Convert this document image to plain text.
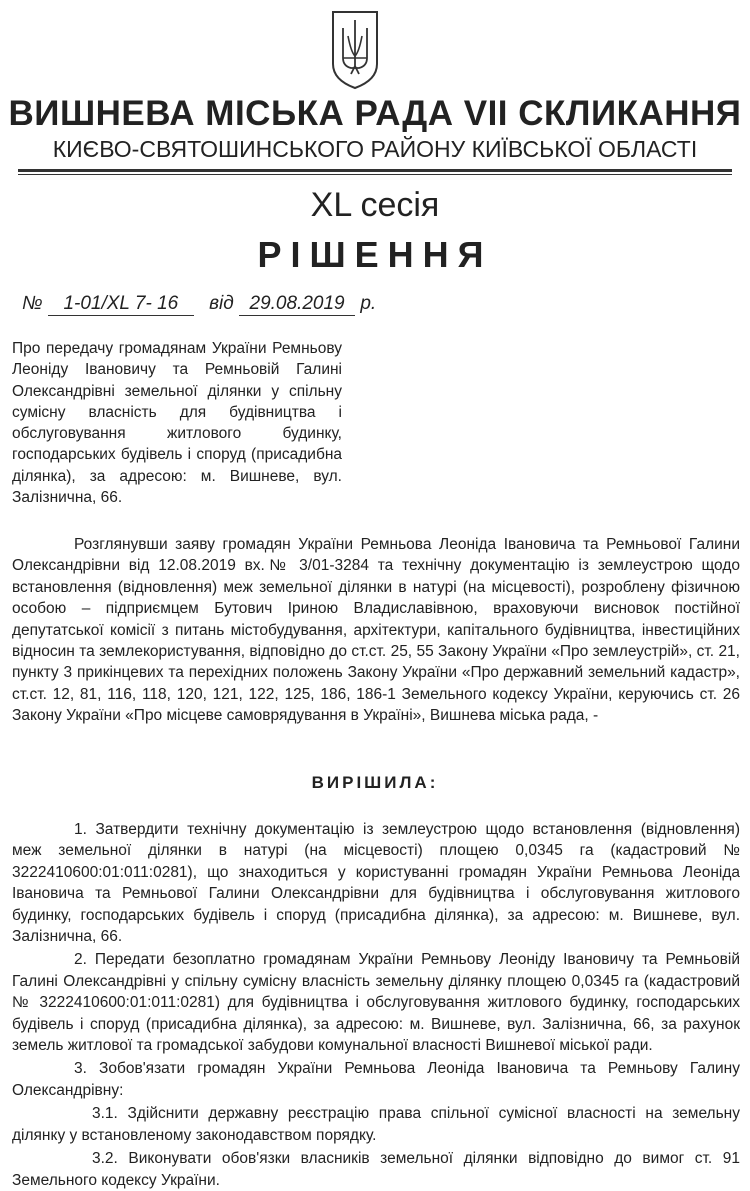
ВИШНЕВА МІСЬКА РАДА VII СКЛИКАННЯ
КИЄВО-СВЯТОШИНСЬКОГО РАЙОНУ КИЇВСЬКОЇ ОБЛАСТІ
XL сесія
РІШЕННЯ
№ 1-01/XL 7- 16 від 29.08.2019 р.
Про передачу громадянам України Ремньову Леоніду Івановичу та Ремньовій Галині Олександрівні земельної ділянки у спільну сумісну власність для будівництва і обслуговування житлового будинку, господарських будівель і споруд (присадибна ділянка), за адресою: м. Вишневе, вул. Залізнична, 66.

Розглянувши заяву громадян України Ремньова Леоніда Івановича та Ремньової Галини Олександрівни від 12.08.2019 вх.№ 3/01-3284 та технічну документацію із землеустрою щодо встановлення (відновлення) меж земельної ділянки в натурі (на місцевості), розроблену фізичною особою – підприємцем Бутович Іриною Владиславівною, враховуючи висновок постійної депутатської комісії з питань містобудування, архітектури, капітального будівництва, інвестиційних відносин та землекористування, відповідно до ст.ст. 25, 55 Закону України «Про землеустрій», ст. 21, пункту 3 прикінцевих та перехідних положень Закону України «Про державний земельний кадастр», ст.ст. 12, 81, 116, 118, 120, 121, 122, 125, 186, 186-1 Земельного кодексу України, керуючись ст. 26 Закону України «Про місцеве самоврядування в Україні», Вишнева міська рада, -

ВИРІШИЛА:

1. Затвердити технічну документацію із землеустрою щодо встановлення (відновлення) меж земельної ділянки в натурі (на місцевості) площею 0,0345 га (кадастровий № 3222410600:01:011:0281), що знаходиться у користуванні громадян України Ремньова Леоніда Івановича та Ремньової Галини Олександрівни для будівництва і обслуговування житлового будинку, господарських будівель і споруд (присадибна ділянка), за адресою: м. Вишневе, вул. Залізнична, 66.

2. Передати безоплатно громадянам України Ремньову Леоніду Івановичу та Ремньовій Галині Олександрівні у спільну сумісну власність земельну ділянку площею 0,0345 га (кадастровий № 3222410600:01:011:0281) для будівництва і обслуговування житлового будинку, господарських будівель і споруд (присадибна ділянка), за адресою: м. Вишневе, вул. Залізнична, 66, за рахунок земель житлової та громадської забудови комунальної власності Вишневої міської ради.

3. Зобов'язати громадян України Ремньова Леоніда Івановича та Ремньову Галину Олександрівну:

3.1. Здійснити державну реєстрацію права спільної сумісної власності на земельну ділянку у встановленому законодавством порядку.

3.2. Виконувати обов'язки власників земельної ділянки відповідно до вимог ст. 91 Земельного кодексу України.
